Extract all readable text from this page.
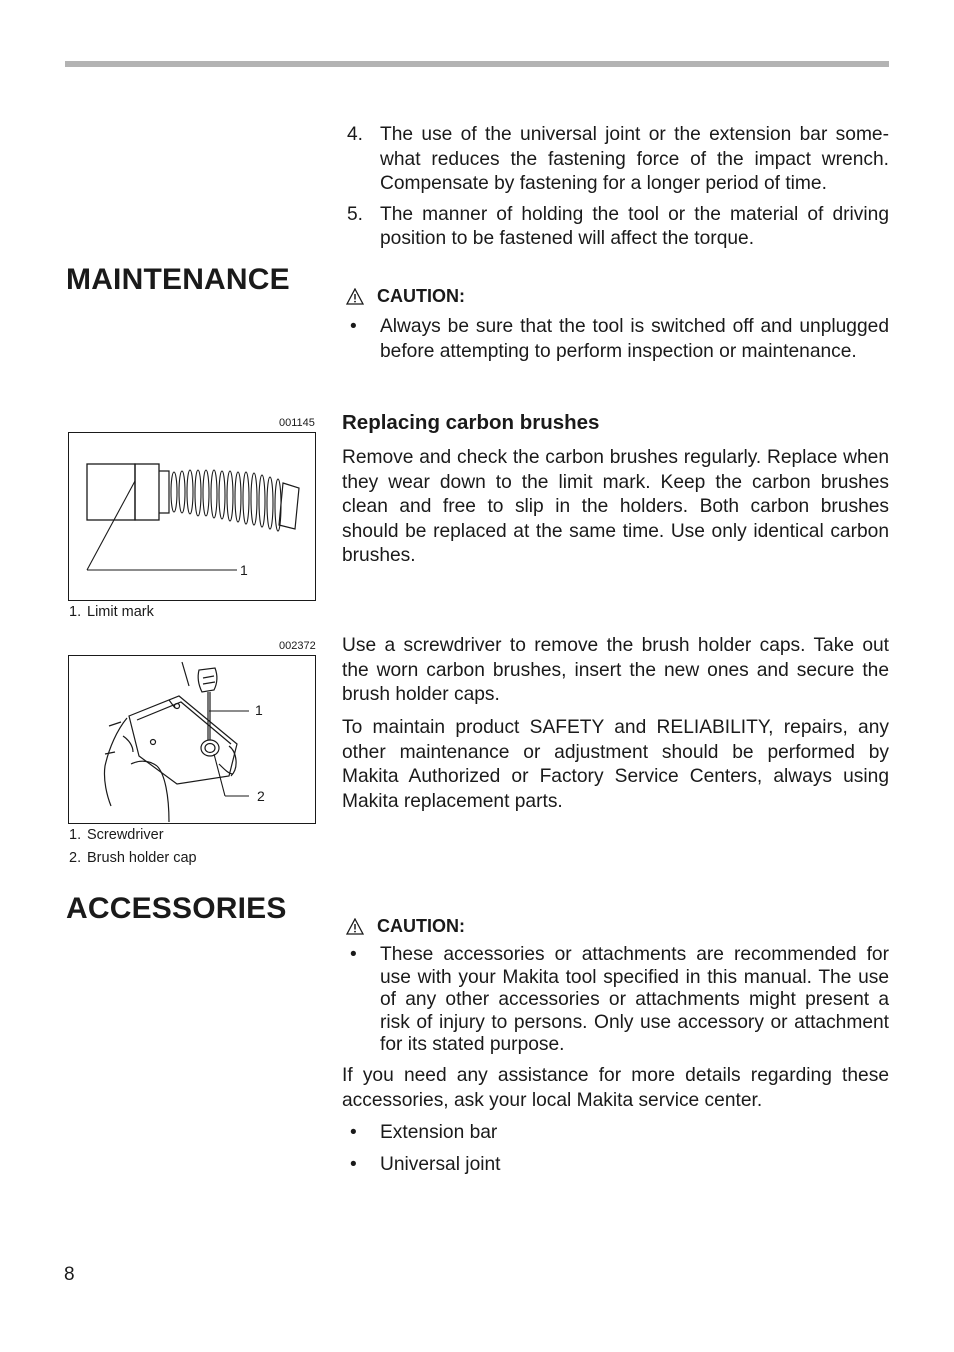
4. The use of the universal joint or the extension bar somewhat reduces the fastening force of the impact wrench. Compensate by fastening for a longer period of time.
5. The manner of holding the tool or the material of driving position to be fastened will affect the torque.
MAINTENANCE	CAUTION:
• Always be sure that the tool is switched off and unplugged before attempting to perform inspection or maintenance.
Replacing carbon brushes
Remove and check the carbon brushes regularly. Replace when they wear down to the limit mark. Keep the carbon brushes clean and free to slip in the holders. Both carbon brushes should be replaced at the same time. Use only identical carbon brushes.
Use a screwdriver to remove the brush holder caps. Take out the worn carbon brushes, insert the new ones and secure the brush holder caps.
To maintain product SAFETY and RELIABILITY, repairs, any other maintenance or adjustment should be performed by Makita Authorized or Factory Service Centers, always using Makita replacement parts.
001145
1
1. Limit mark
002372
1
2
1. Screwdriver
2. Brush holder cap
ACCESSORIES
CAUTION:
• These accessories or attachments are recommended for use with your Makita tool specified in this manual. The use of any other accessories or attachments might present a risk of injury to persons. Only use accessory or attachment for its stated purpose.
If you need any assistance for more details regarding these accessories, ask your local Makita service center.
• Extension bar
• Universal joint
8
